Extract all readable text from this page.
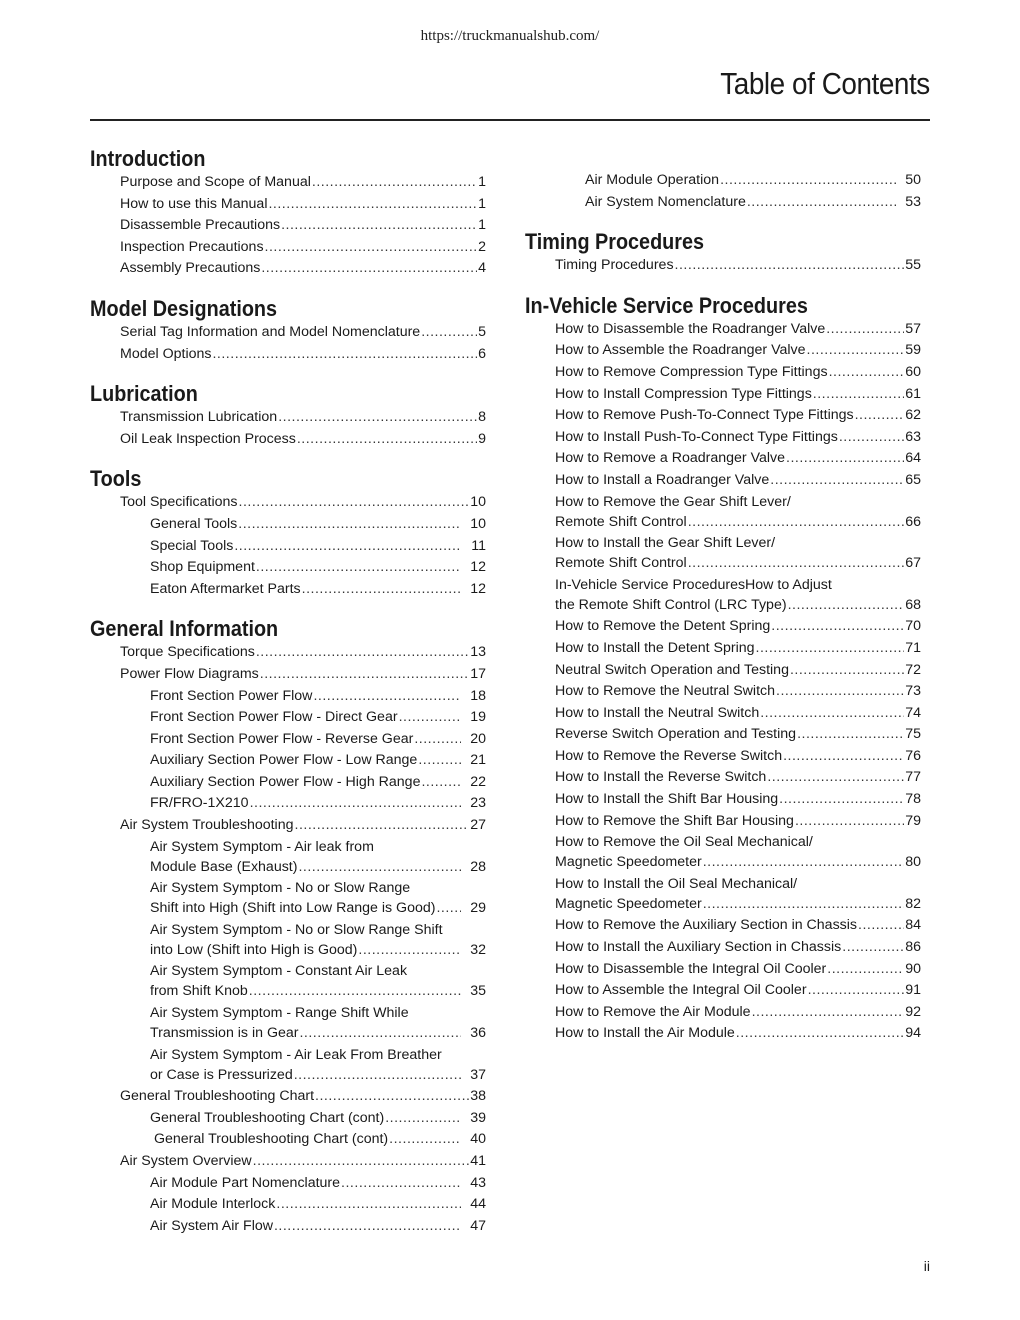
https://truckmanualshub.com/
Table of Contents
Introduction
Purpose and Scope of Manual .....	1
How to use this Manual .....	1
Disassemble Precautions .....	1
Inspection Precautions .....	2
Assembly Precautions .....	4
Model Designations
Serial Tag Information and Model Nomenclature .....	5
Model Options .....	6
Lubrication
Transmission Lubrication .....	8
Oil Leak Inspection Process .....	9
Tools
Tool Specifications .....	10
General Tools .....	10
Special Tools .....	11
Shop Equipment .....	12
Eaton Aftermarket Parts .....	12
General Information
Torque Specifications .....	13
Power Flow Diagrams .....	17
Front Section Power Flow .....	18
Front Section Power Flow - Direct Gear .....	19
Front Section Power Flow - Reverse Gear .....	20
Auxiliary Section Power Flow - Low Range .....	21
Auxiliary Section Power Flow - High Range .....	22
FR/FRO-1X210 .....	23
Air System Troubleshooting .....	27
Air System Symptom - Air leak from
Module Base (Exhaust) .....	28
Air System Symptom - No or Slow Range
Shift into High (Shift into Low Range is Good) .....	29
Air System Symptom - No or Slow Range Shift
into Low (Shift into High is Good) .....	32
Air System Symptom - Constant Air Leak
from Shift Knob .....	35
Air System Symptom - Range Shift While
Transmission is in Gear .....	36
Air System Symptom - Air Leak From Breather
or Case is Pressurized .....	37
General Troubleshooting Chart .....	38
General Troubleshooting Chart (cont) .....	39
General Troubleshooting Chart (cont) .....	40
Air System Overview .....	41
Air Module Part Nomenclature .....	43
Air Module Interlock .....	44
Air System Air Flow .....	47
Air Module Operation .....	50
Air System Nomenclature .....	53
Timing Procedures
Timing Procedures .....	55
In-Vehicle Service Procedures
How to Disassemble the Roadranger Valve .....	57
How to Assemble the Roadranger Valve .....	59
How to Remove Compression Type Fittings .....	60
How to Install Compression Type Fittings .....	61
How to Remove Push-To-Connect Type Fittings .....	62
How to Install Push-To-Connect Type Fittings .....	63
How to Remove a Roadranger Valve .....	64
How to Install a Roadranger Valve .....	65
How to Remove the Gear Shift Lever/
Remote Shift Control .....	66
How to Install the Gear Shift Lever/
Remote Shift Control .....	67
In-Vehicle Service ProceduresHow to Adjust
the Remote Shift Control (LRC Type) .....	68
How to Remove the Detent Spring .....	70
How to Install the Detent Spring .....	71
Neutral Switch Operation and Testing .....	72
How to Remove the Neutral Switch .....	73
How to Install the Neutral Switch .....	74
Reverse Switch Operation and Testing .....	75
How to Remove the Reverse Switch .....	76
How to Install the Reverse Switch .....	77
How to Install the Shift Bar Housing .....	78
How to Remove the Shift Bar Housing .....	79
How to Remove the Oil Seal Mechanical/
Magnetic Speedometer .....	80
How to Install the Oil Seal Mechanical/
Magnetic Speedometer .....	82
How to Remove the Auxiliary Section in Chassis .....	84
How to Install the Auxiliary Section in Chassis .....	86
How to Disassemble the Integral Oil Cooler .....	90
How to Assemble the Integral Oil Cooler .....	91
How to Remove the Air Module .....	92
How to Install the Air Module .....	94
ii
